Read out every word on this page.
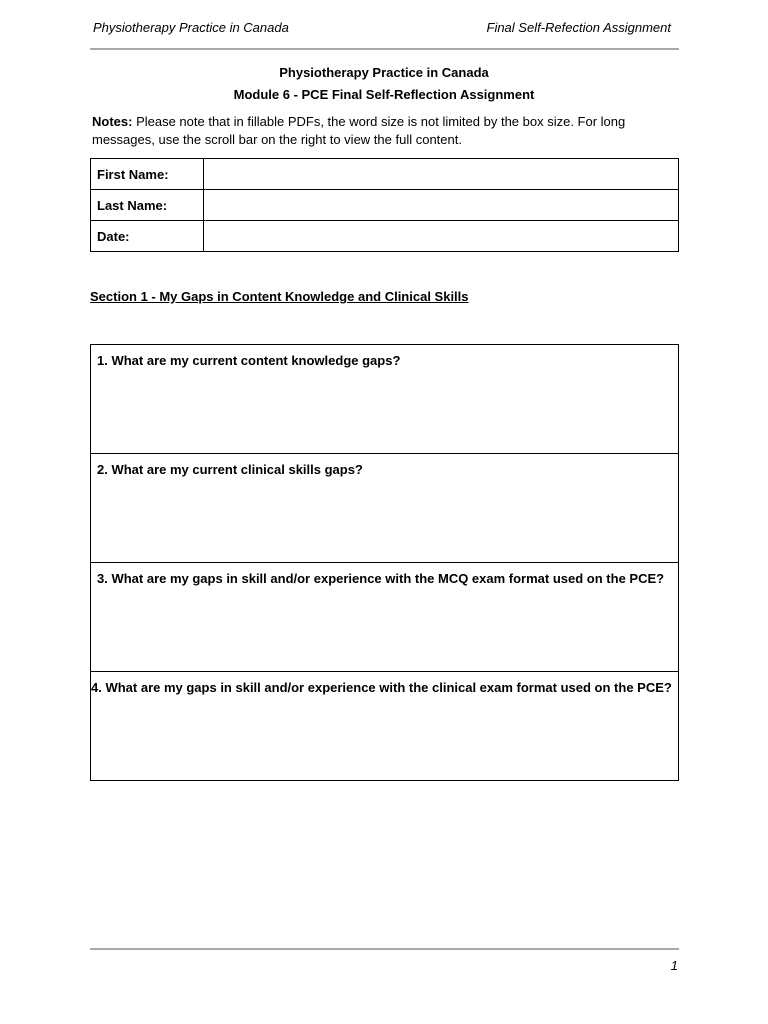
Physiotherapy Practice in Canada	Final Self-Refection Assignment
Physiotherapy Practice in Canada
Module 6 - PCE Final Self-Reflection Assignment
Notes: Please note that in fillable PDFs, the word size is not limited by the box size. For long messages, use the scroll bar on the right to view the full content.
First Name:	
Last Name:	
Date:	
Section 1 - My Gaps in Content Knowledge and Clinical Skills
1. What are my current content knowledge gaps?
2. What are my current clinical skills gaps?
3. What are my gaps in skill and/or experience with the MCQ exam format used on the PCE?
4. What are my gaps in skill and/or experience with the clinical exam format used on the PCE?
1
